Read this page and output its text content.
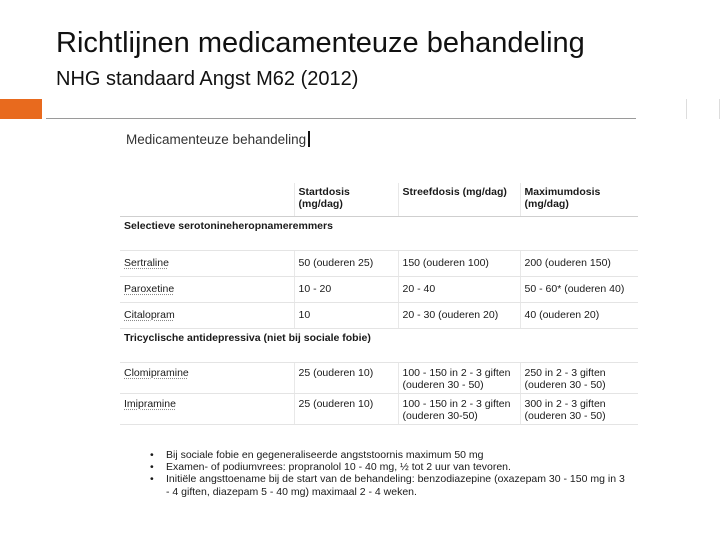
Richtlijnen medicamenteuze behandeling
NHG standaard Angst M62 (2012)
Medicamenteuze behandeling
	Startdosis (mg/dag)	Streefdosis (mg/dag)	Maximumdosis (mg/dag)
Selectieve serotonineheropnameremmers			
Sertraline	50 (ouderen 25)	150 (ouderen 100)	200 (ouderen 150)
Paroxetine	10 - 20	20 - 40	50 - 60* (ouderen 40)
Citalopram	10	20 - 30 (ouderen 20)	40 (ouderen 20)
Tricyclische antidepressiva (niet bij sociale fobie)			
Clomipramine	25 (ouderen 10)	100 - 150 in 2 - 3 giften (ouderen 30 - 50)	250 in 2 - 3 giften (ouderen 30 - 50)
Imipramine	25 (ouderen 10)	100 - 150 in 2 - 3 giften (ouderen 30-50)	300 in 2 - 3 giften (ouderen 30 - 50)
• Bij sociale fobie en gegeneraliseerde angststoornis maximum 50 mg
• Examen- of podiumvrees: propranolol 10 - 40 mg, ½ tot 2 uur van tevoren.
• Initiële angsttoename bij de start van de behandeling: benzodiazepine (oxazepam 30 - 150 mg in 3 - 4 giften, diazepam 5 - 40 mg) maximaal 2 - 4 weken.
